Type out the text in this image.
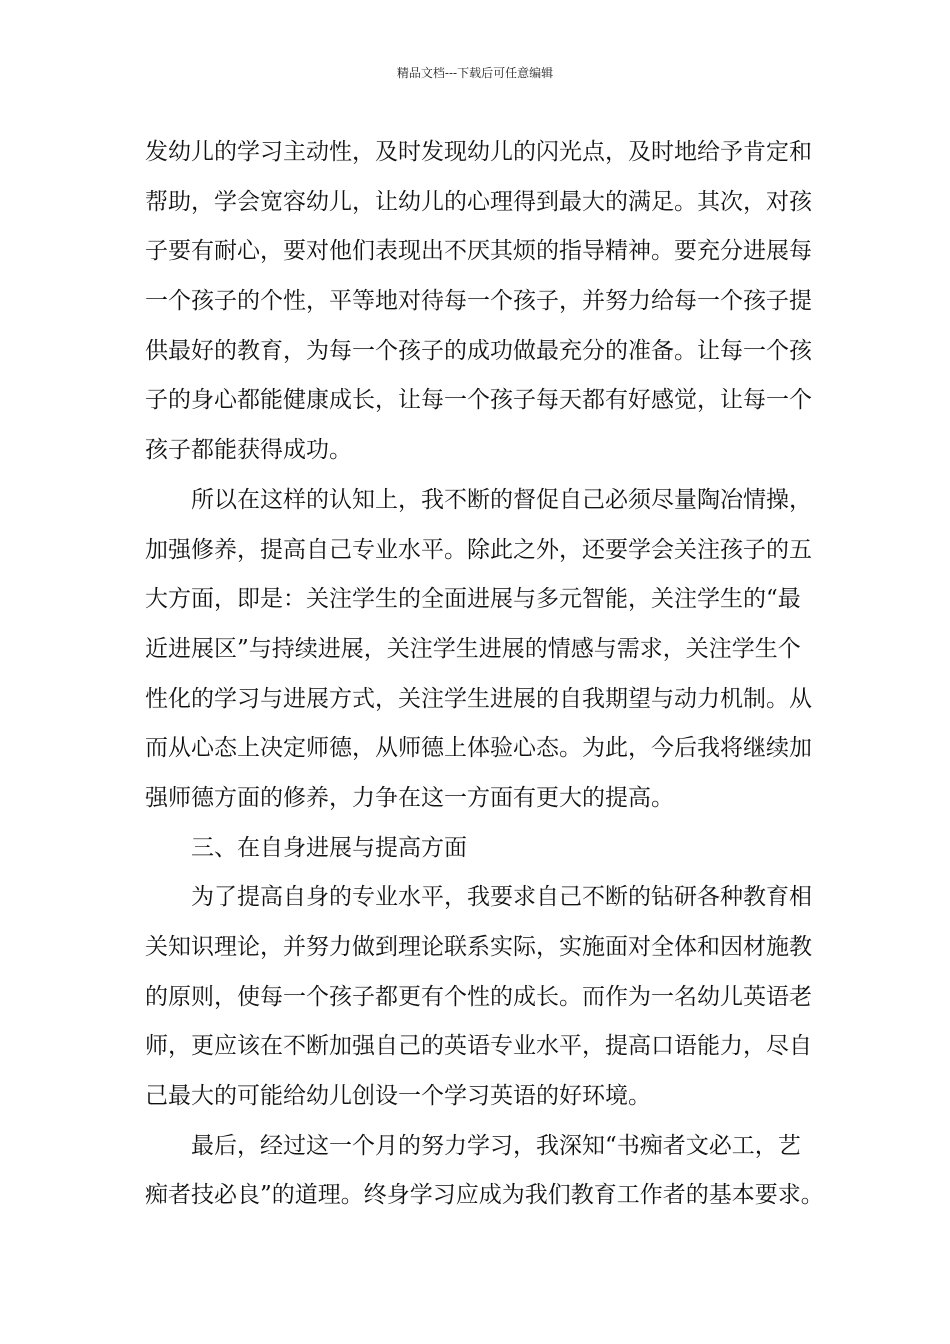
精品文档---下载后可任意编辑
发幼儿的学习主动性，及时发现幼儿的闪光点，及时地给予肯定和
帮助，学会宽容幼儿，让幼儿的心理得到最大的满足。其次，对孩
子要有耐心，要对他们表现出不厌其烦的指导精神。要充分进展每
一个孩子的个性，平等地对待每一个孩子，并努力给每一个孩子提
供最好的教育，为每一个孩子的成功做最充分的准备。让每一个孩
子的身心都能健康成长，让每一个孩子每天都有好感觉，让每一个
孩子都能获得成功。
　　所以在这样的认知上，我不断的督促自己必须尽量陶冶情操，
加强修养，提高自己专业水平。除此之外，还要学会关注孩子的五
大方面，即是：关注学生的全面进展与多元智能，关注学生的“最
近进展区”与持续进展，关注学生进展的情感与需求，关注学生个
性化的学习与进展方式，关注学生进展的自我期望与动力机制。从
而从心态上决定师德，从师德上体验心态。为此，今后我将继续加
强师德方面的修养，力争在这一方面有更大的提高。
　　三、在自身进展与提高方面
　　为了提高自身的专业水平，我要求自己不断的钻研各种教育相
关知识理论，并努力做到理论联系实际，实施面对全体和因材施教
的原则，使每一个孩子都更有个性的成长。而作为一名幼儿英语老
师，更应该在不断加强自己的英语专业水平，提高口语能力，尽自
己最大的可能给幼儿创设一个学习英语的好环境。
　　最后，经过这一个月的努力学习，我深知“书痴者文必工，艺
痴者技必良”的道理。终身学习应成为我们教育工作者的基本要求。
